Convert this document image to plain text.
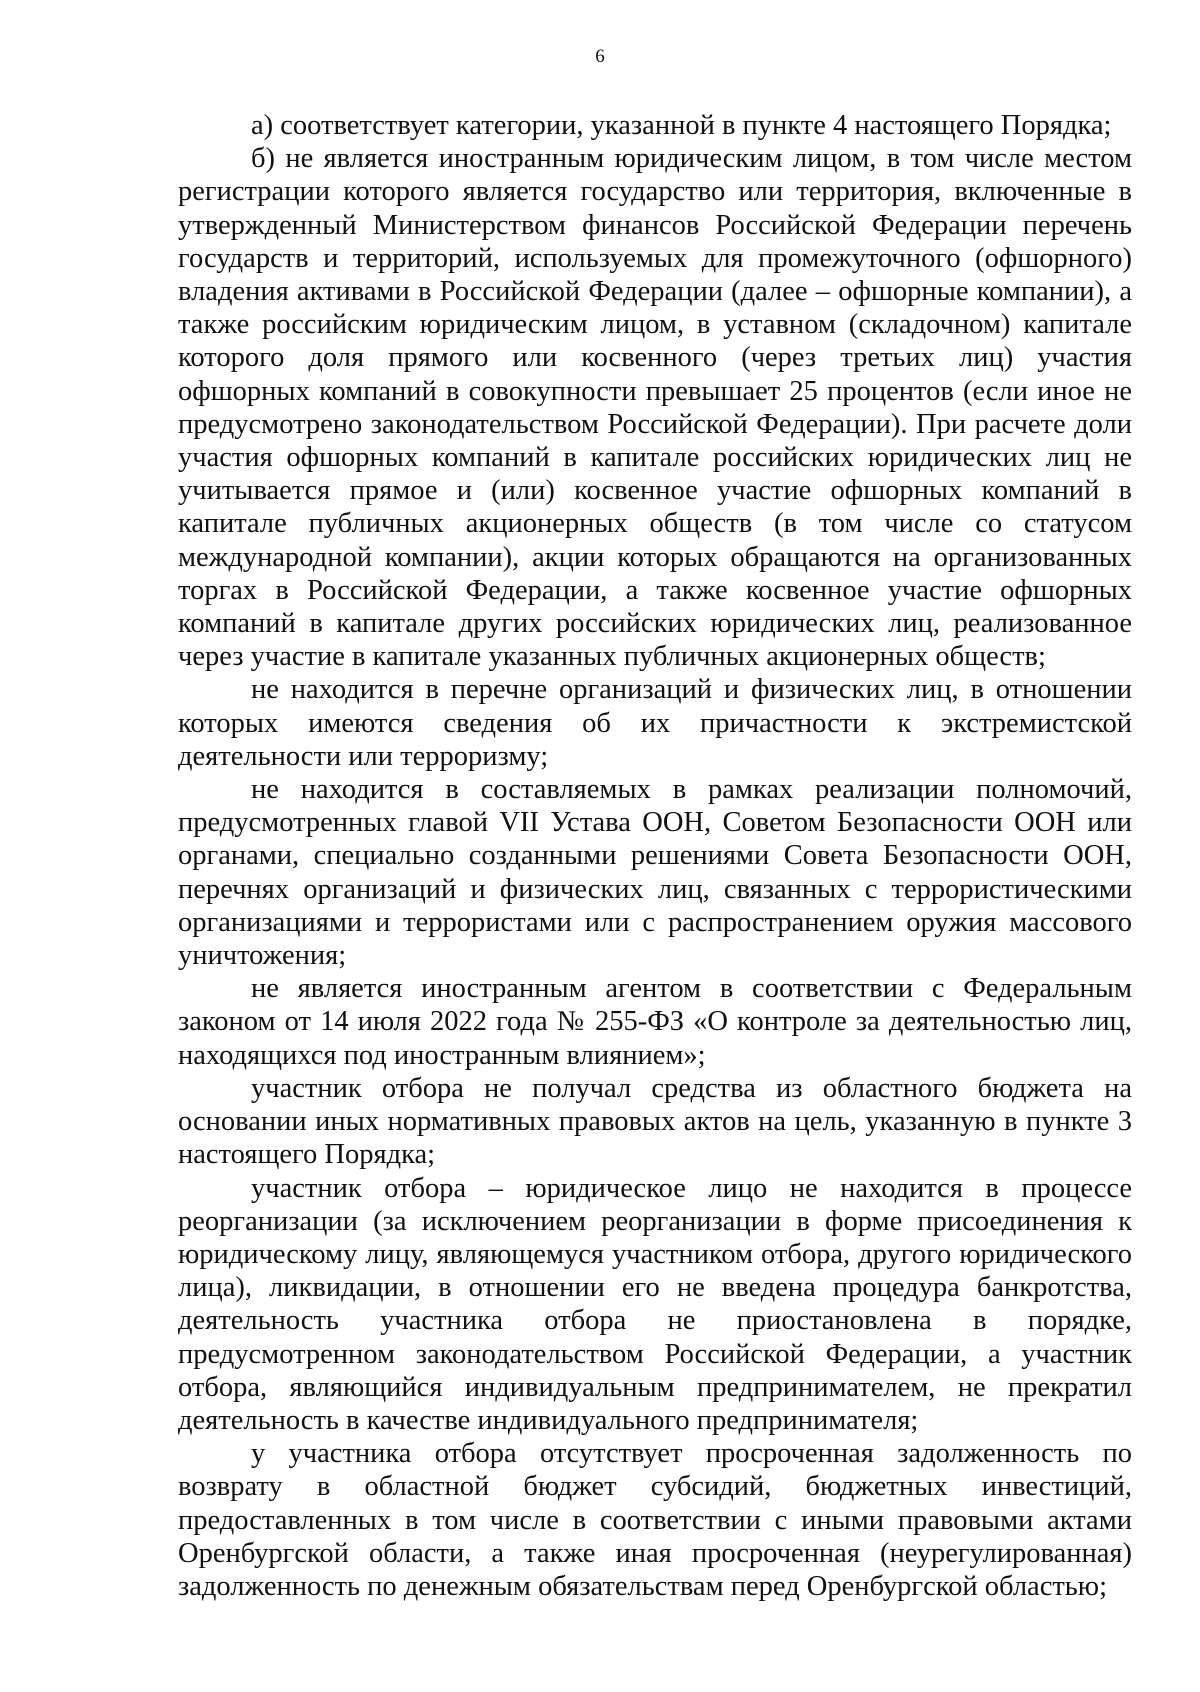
6

а) соответствует категории, указанной в пункте 4 настоящего Порядка;

б) не является иностранным юридическим лицом, в том числе местом регистрации которого является государство или территория, включенные в утвержденный Министерством финансов Российской Федерации перечень государств и территорий, используемых для промежуточного (офшорного) владения активами в Российской Федерации (далее – офшорные компании), а также российским юридическим лицом, в уставном (складочном) капитале которого доля прямого или косвенного (через третьих лиц) участия офшорных компаний в совокупности превышает 25 процентов (если иное не предусмотрено законодательством Российской Федерации). При расчете доли участия офшорных компаний в капитале российских юридических лиц не учитывается прямое и (или) косвенное участие офшорных компаний в капитале публичных акционерных обществ (в том числе со статусом международной компании), акции которых обращаются на организованных торгах в Российской Федерации, а также косвенное участие офшорных компаний в капитале других российских юридических лиц, реализованное через участие в капитале указанных публичных акционерных обществ;

не находится в перечне организаций и физических лиц, в отношении которых имеются сведения об их причастности к экстремистской деятельности или терроризму;

не находится в составляемых в рамках реализации полномочий, предусмотренных главой VII Устава ООН, Советом Безопасности ООН или органами, специально созданными решениями Совета Безопасности ООН, перечнях организаций и физических лиц, связанных с террористическими организациями и террористами или с распространением оружия массового уничтожения;

не является иностранным агентом в соответствии с Федеральным законом от 14 июля 2022 года № 255-ФЗ «О контроле за деятельностью лиц, находящихся под иностранным влиянием»;

участник отбора не получал средства из областного бюджета на основании иных нормативных правовых актов на цель, указанную в пункте 3 настоящего Порядка;

участник отбора – юридическое лицо не находится в процессе реорганизации (за исключением реорганизации в форме присоединения к юридическому лицу, являющемуся участником отбора, другого юридического лица), ликвидации, в отношении его не введена процедура банкротства, деятельность участника отбора не приостановлена в порядке, предусмотренном законодательством Российской Федерации, а участник отбора, являющийся индивидуальным предпринимателем, не прекратил деятельность в качестве индивидуального предпринимателя;

у участника отбора отсутствует просроченная задолженность по возврату в областной бюджет субсидий, бюджетных инвестиций, предоставленных в том числе в соответствии с иными правовыми актами Оренбургской области, а также иная просроченная (неурегулированная) задолженность по денежным обязательствам перед Оренбургской областью;
